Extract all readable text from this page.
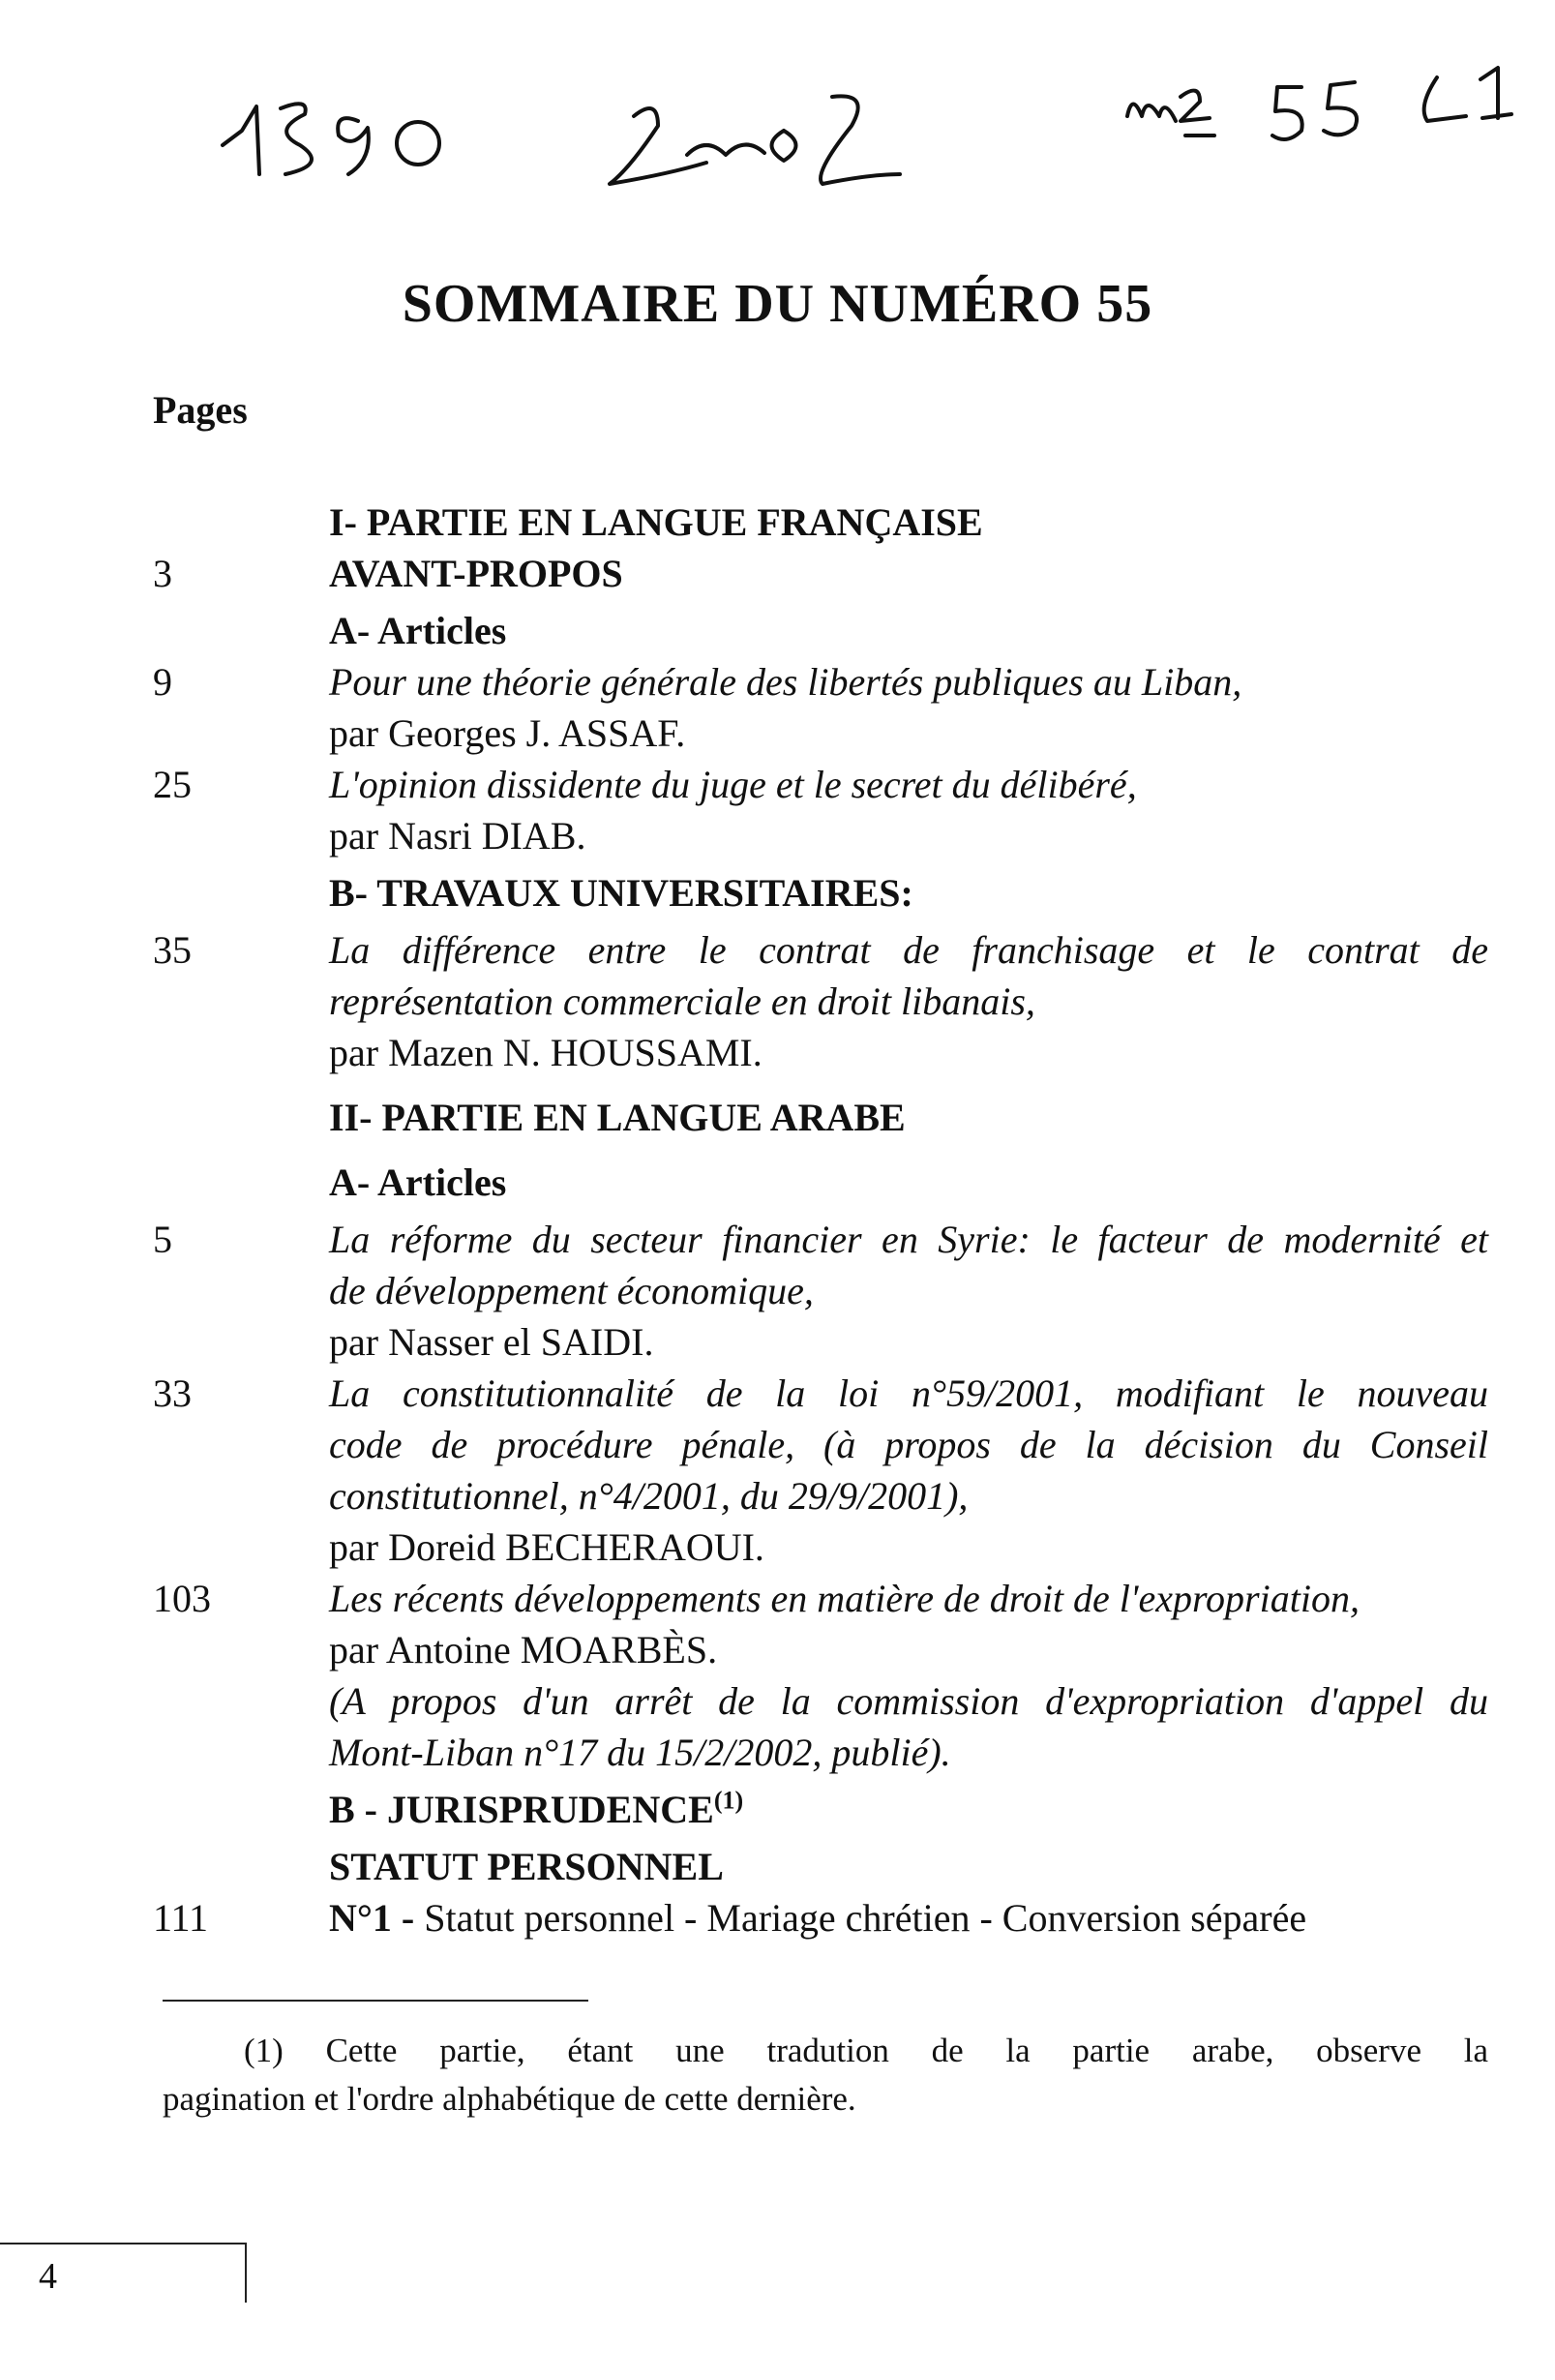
SOMMAIRE DU NUMÉRO 55
Pages
I- PARTIE EN LANGUE FRANÇAISE
3	AVANT-PROPOS
A- Articles
9	Pour une théorie générale des libertés publiques au Liban,
par Georges J. ASSAF.
25	L'opinion dissidente du juge et le secret du délibéré,
par Nasri DIAB.
B- TRAVAUX UNIVERSITAIRES:
35	La différence entre le contrat de franchisage et le contrat de
représentation commerciale en droit libanais,
par Mazen N. HOUSSAMI.
II- PARTIE EN LANGUE ARABE
A- Articles
5	La réforme du secteur financier en Syrie: le facteur de modernité et
de développement économique,
par Nasser el SAIDI.
33	La constitutionnalité de la loi n°59/2001, modifiant le nouveau
code de procédure pénale, (à propos de la décision du Conseil
constitutionnel, n°4/2001, du 29/9/2001),
par Doreid BECHERAOUI.
103	Les récents développements en matière de droit de l'expropriation,
par Antoine MOARBÈS.
(A propos d'un arrêt de la commission d'expropriation d'appel du
Mont-Liban n°17 du 15/2/2002, publié).
B - JURISPRUDENCE$^{(1)}$
STATUT PERSONNEL
111	N°1 - Statut personnel - Mariage chrétien - Conversion séparée
(1) Cette partie, étant une tradution de la partie arabe, observe la
pagination et l'ordre alphabétique de cette dernière.
4
